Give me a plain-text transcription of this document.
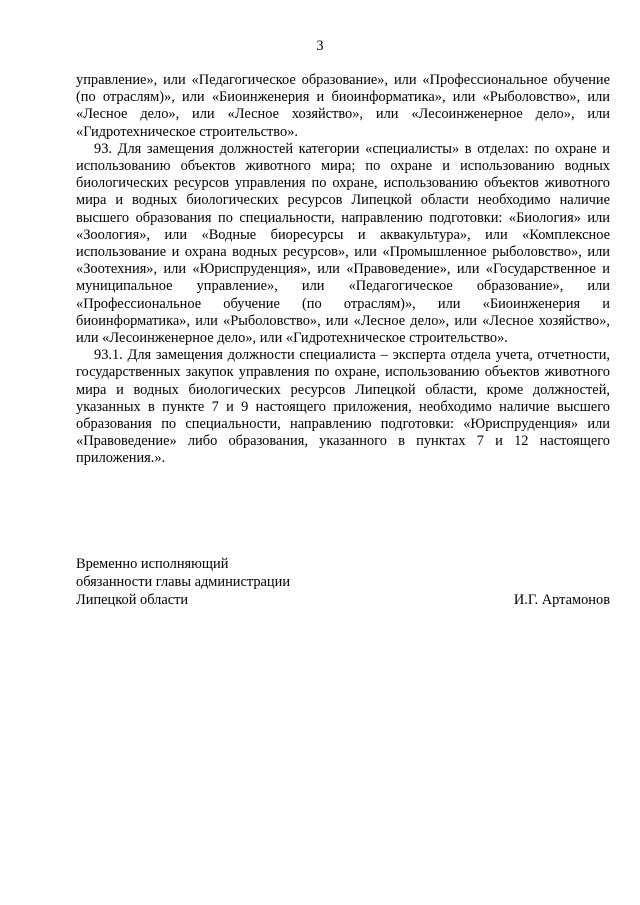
3

управление», или «Педагогическое образование», или «Профессиональное обучение (по отраслям)», или «Биоинженерия и биоинформатика», или «Рыболовство», или «Лесное дело», или «Лесное хозяйство», или «Лесоинженерное дело», или «Гидротехническое строительство».

93. Для замещения должностей категории «специалисты» в отделах: по охране и использованию объектов животного мира; по охране и использованию водных биологических ресурсов управления по охране, использованию объектов животного мира и водных биологических ресурсов Липецкой области необходимо наличие высшего образования по специальности, направлению подготовки: «Биология» или «Зоология», или «Водные биоресурсы и аквакультура», или «Комплексное использование и охрана водных ресурсов», или «Промышленное рыболовство», или «Зоотехния», или «Юриспруденция», или «Правоведение», или «Государственное и муниципальное управление», или «Педагогическое образование», или «Профессиональное обучение (по отраслям)», или «Биоинженерия и биоинформатика», или «Рыболовство», или «Лесное дело», или «Лесное хозяйство», или «Лесоинженерное дело», или «Гидротехническое строительство».

93.1. Для замещения должности специалиста – эксперта отдела учета, отчетности, государственных закупок управления по охране, использованию объектов животного мира и водных биологических ресурсов Липецкой области, кроме должностей, указанных в пункте 7 и 9 настоящего приложения, необходимо наличие высшего образования по специальности, направлению подготовки: «Юриспруденция» или «Правоведение» либо образования, указанного в пунктах 7 и 12 настоящего приложения.».

Временно исполняющий
обязанности главы администрации
Липецкой области	И.Г. Артамонов
